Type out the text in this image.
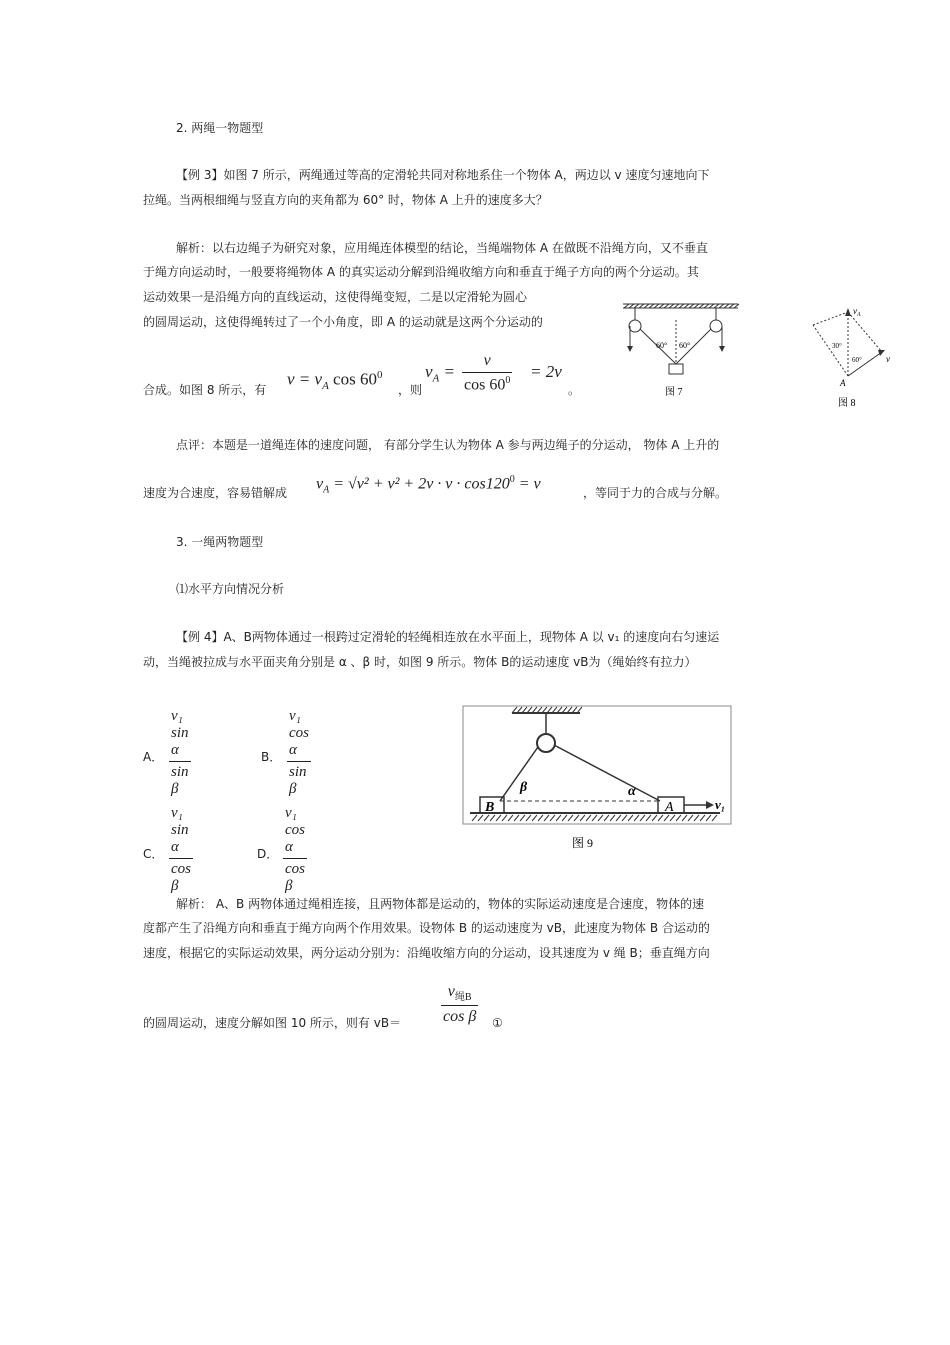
2. 两绳一物题型
【例 3】如图 7 所示，两绳通过等高的定滑轮共同对称地系住一个物体 A，两边以 v 速度匀速地向下
拉绳。当两根细绳与竖直方向的夹角都为 60° 时，物体 A 上升的速度多大？
解析：以右边绳子为研究对象，应用绳连体模型的结论，当绳端物体 A 在做既不沿绳方向，又不垂直
于绳方向运动时，一般要将绳物体 A 的真实运动分解到沿绳收缩方向和垂直于绳子方向的两个分运动。其
运动效果一是沿绳方向的直线运动，这使得绳变短，二是以定滑轮为圆心
的圆周运动，这使得绳转过了一个小角度，即 A 的运动就是这两个分运动的
合成。如图 8 所示，有
$v = v_A$ $\cos 60^0$
，则
$v_A = \frac{v}{\cos 60^0} = 2v$
。
60° 60°
图 7
$v_A$
v
30°
60°
A
图 8
点评：本题是一道绳连体的速度问题， 有部分学生认为物体 A 参与两边绳子的分运动， 物体 A 上升的
速度为合速度，容易错解成
$v_A = √v^2 + v^2 + 2v \cdot v \cdot \cos 120^0 = v$
，等同于力的合成与分解。
3. 一绳两物题型
⑴水平方向情况分析
【例 4】A、B两物体通过一根跨过定滑轮的轻绳相连放在水平面上，现物体 A 以 v₁ 的速度向右匀速运
动，当绳被拉成与水平面夹角分别是 α 、β 时，如图 9 所示。物体 B的运动速度 vB为（绳始终有拉力）
A． $\frac{\text{v₁ sin α}}{\text{sin β}}$	B． $\frac{\text{v₁ cos α}}{\text{sin β}}$
C． $\frac{\text{v₁ sin α}}{\text{cos β}}$	D． $\frac{\text{v₁ cos α}}{\text{cos β}}$	B	A
β	α
v₁
图 9
解析： A、B 两物体通过绳相连接，且两物体都是运动的，物体的实际运动速度是合速度，物体的速
度都产生了沿绳方向和垂直于绳方向两个作用效果。设物体 B 的运动速度为 vB，此速度为物体 B 合运动的
速度，根据它的实际运动效果，两分运动分别为：沿绳收缩方向的分运动，设其速度为 v 绳 B；垂直绳方向
的圆周运动，速度分解如图 10 所示，则有 vB＝
$v_{绳B}$
cos β ①
